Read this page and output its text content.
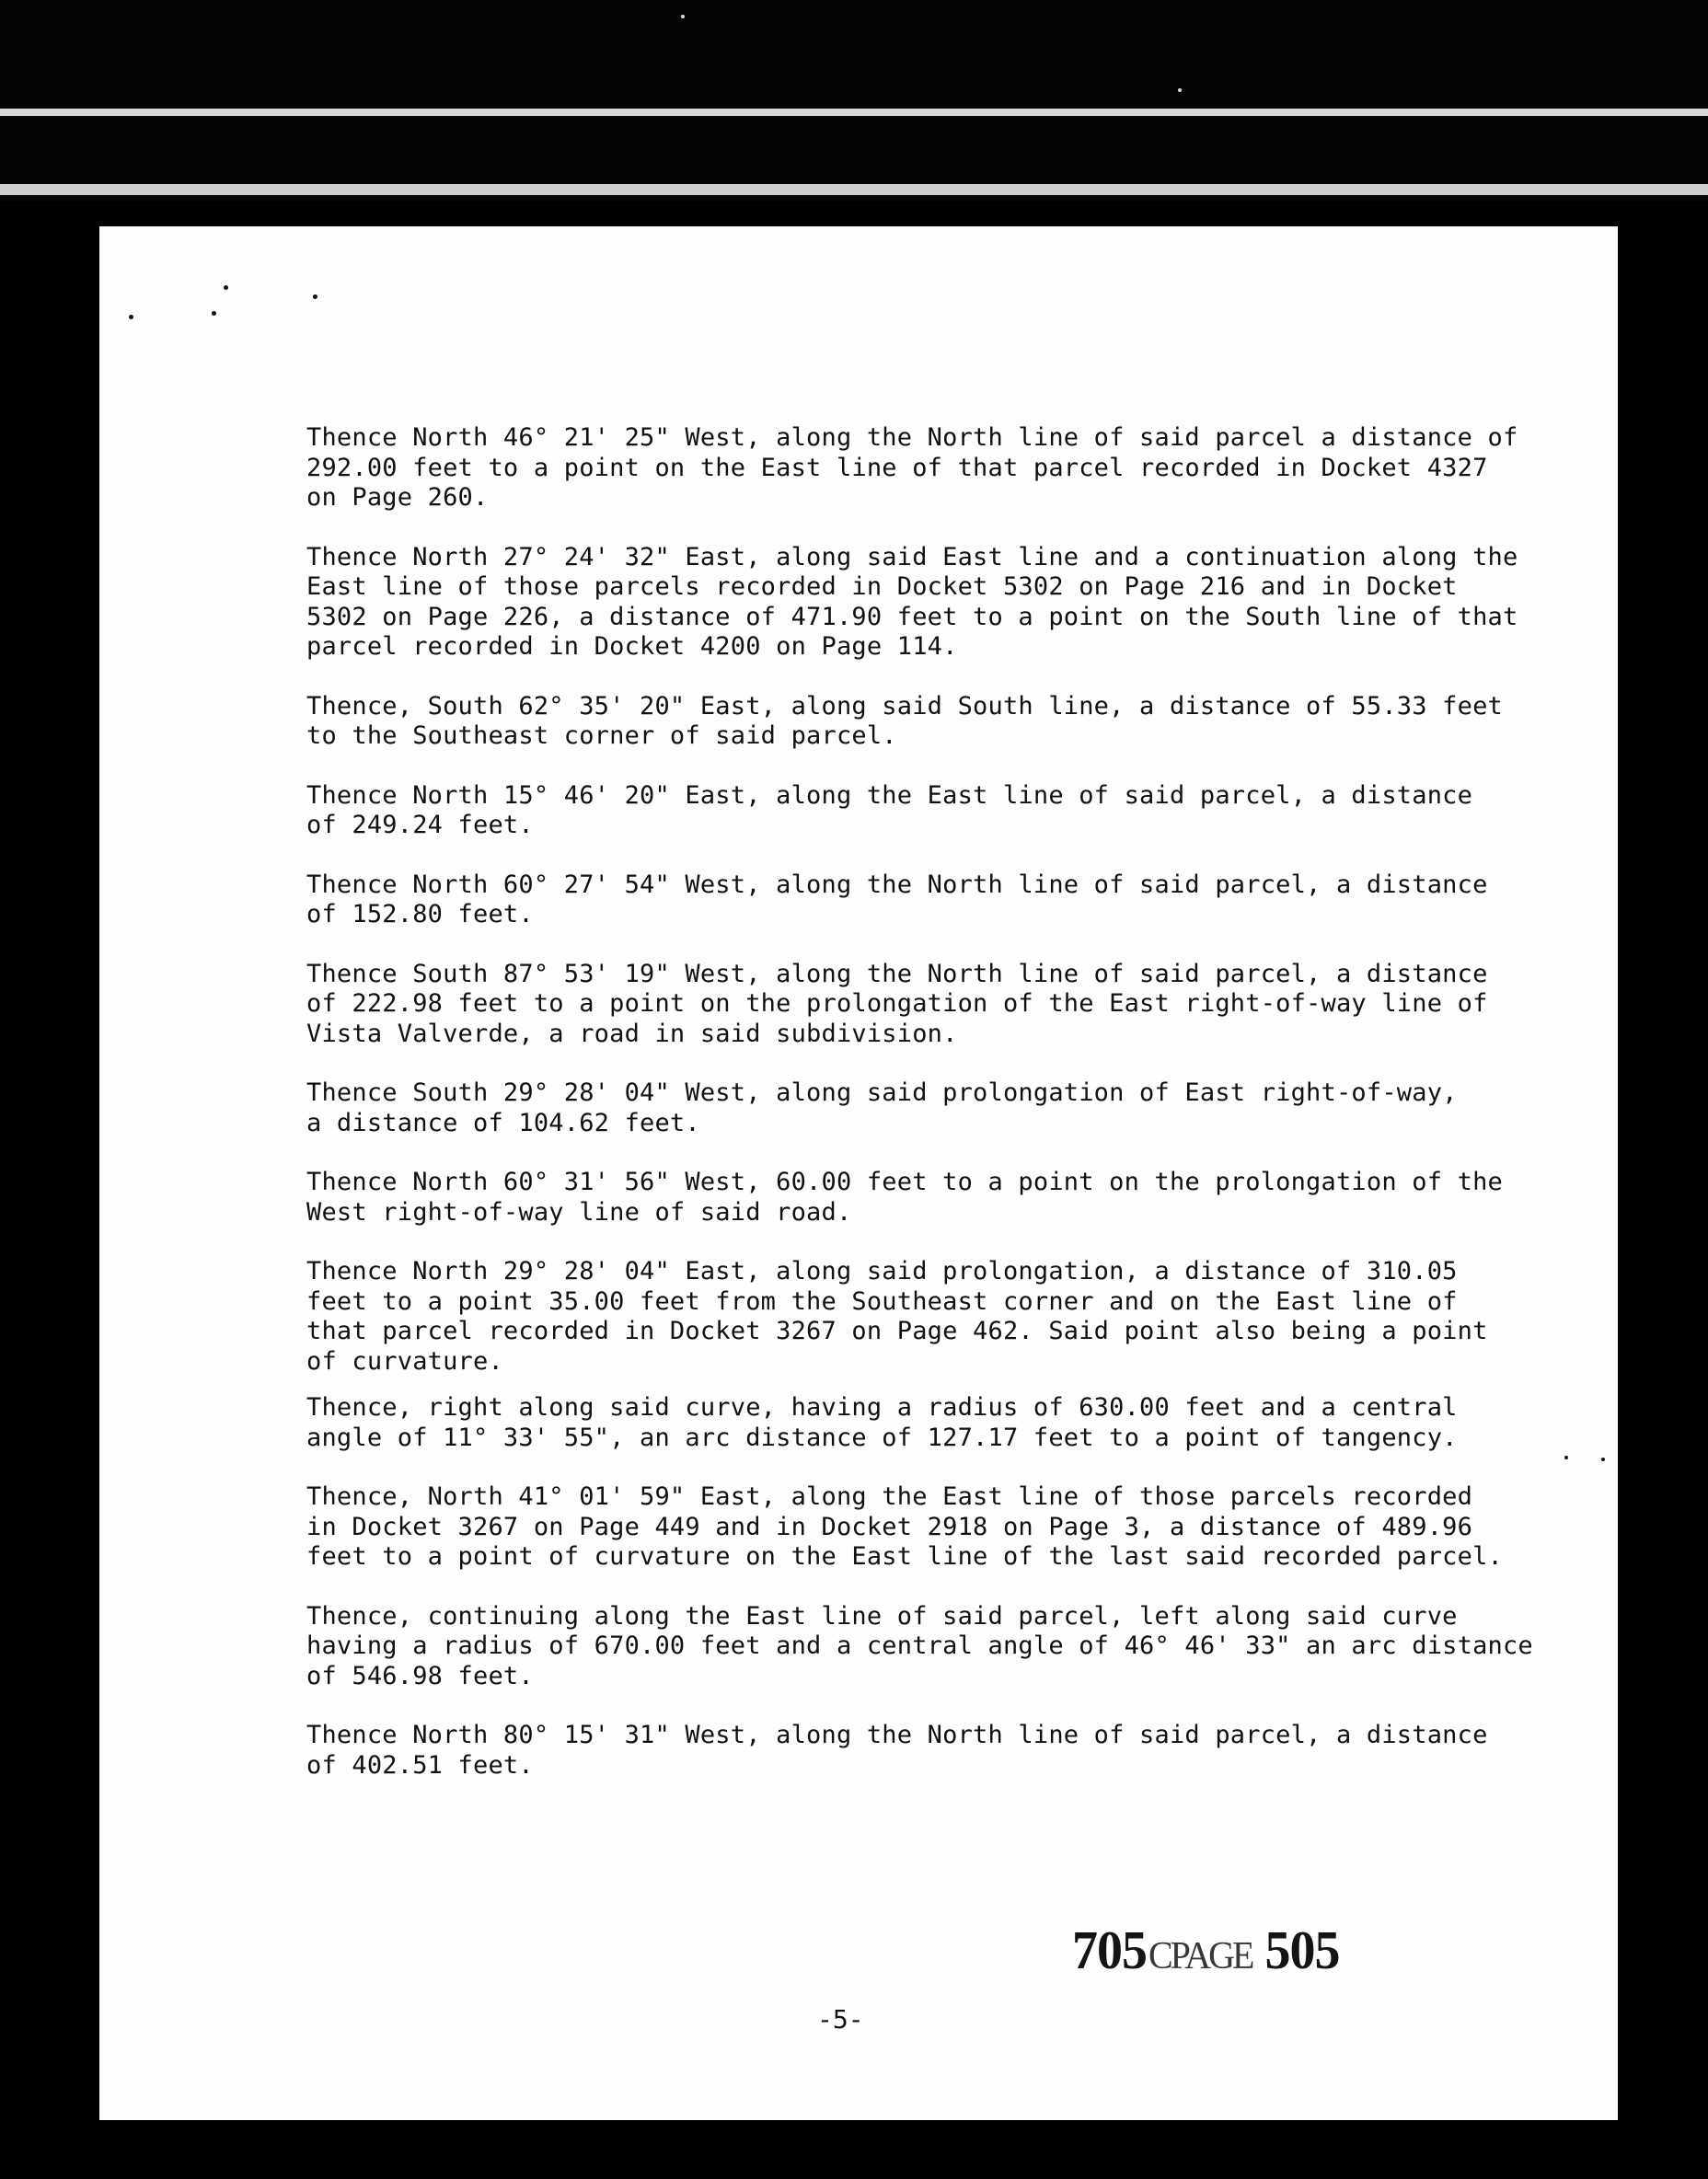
Thence North 46° 21' 25" West, along the North line of said parcel a distance of
292.00 feet to a point on the East line of that parcel recorded in Docket 4327
on Page 260.

Thence North 27° 24' 32" East, along said East line and a continuation along the
East line of those parcels recorded in Docket 5302 on Page 216 and in Docket
5302 on Page 226, a distance of 471.90 feet to a point on the South line of that
parcel recorded in Docket 4200 on Page 114.

Thence, South 62° 35' 20" East, along said South line, a distance of 55.33 feet
to the Southeast corner of said parcel.

Thence North 15° 46' 20" East, along the East line of said parcel, a distance
of 249.24 feet.

Thence North 60° 27' 54" West, along the North line of said parcel, a distance
of 152.80 feet.

Thence South 87° 53' 19" West, along the North line of said parcel, a distance
of 222.98 feet to a point on the prolongation of the East right-of-way line of
Vista Valverde, a road in said subdivision.

Thence South 29° 28' 04" West, along said prolongation of East right-of-way,
a distance of 104.62 feet.

Thence North 60° 31' 56" West, 60.00 feet to a point on the prolongation of the
West right-of-way line of said road.

Thence North 29° 28' 04" East, along said prolongation, a distance of 310.05
feet to a point 35.00 feet from the Southeast corner and on the East line of
that parcel recorded in Docket 3267 on Page 462. Said point also being a point
of curvature.

Thence, right along said curve, having a radius of 630.00 feet and a central
angle of 11° 33' 55", an arc distance of 127.17 feet to a point of tangency.

Thence, North 41° 01' 59" East, along the East line of those parcels recorded
in Docket 3267 on Page 449 and in Docket 2918 on Page 3, a distance of 489.96
feet to a point of curvature on the East line of the last said recorded parcel.

Thence, continuing along the East line of said parcel, left along said curve
having a radius of 670.00 feet and a central angle of 46° 46' 33" an arc distance
of 546.98 feet.

Thence North 80° 15' 31" West, along the North line of said parcel, a distance
of 402.51 feet.

705CPAGE 505
-5-
